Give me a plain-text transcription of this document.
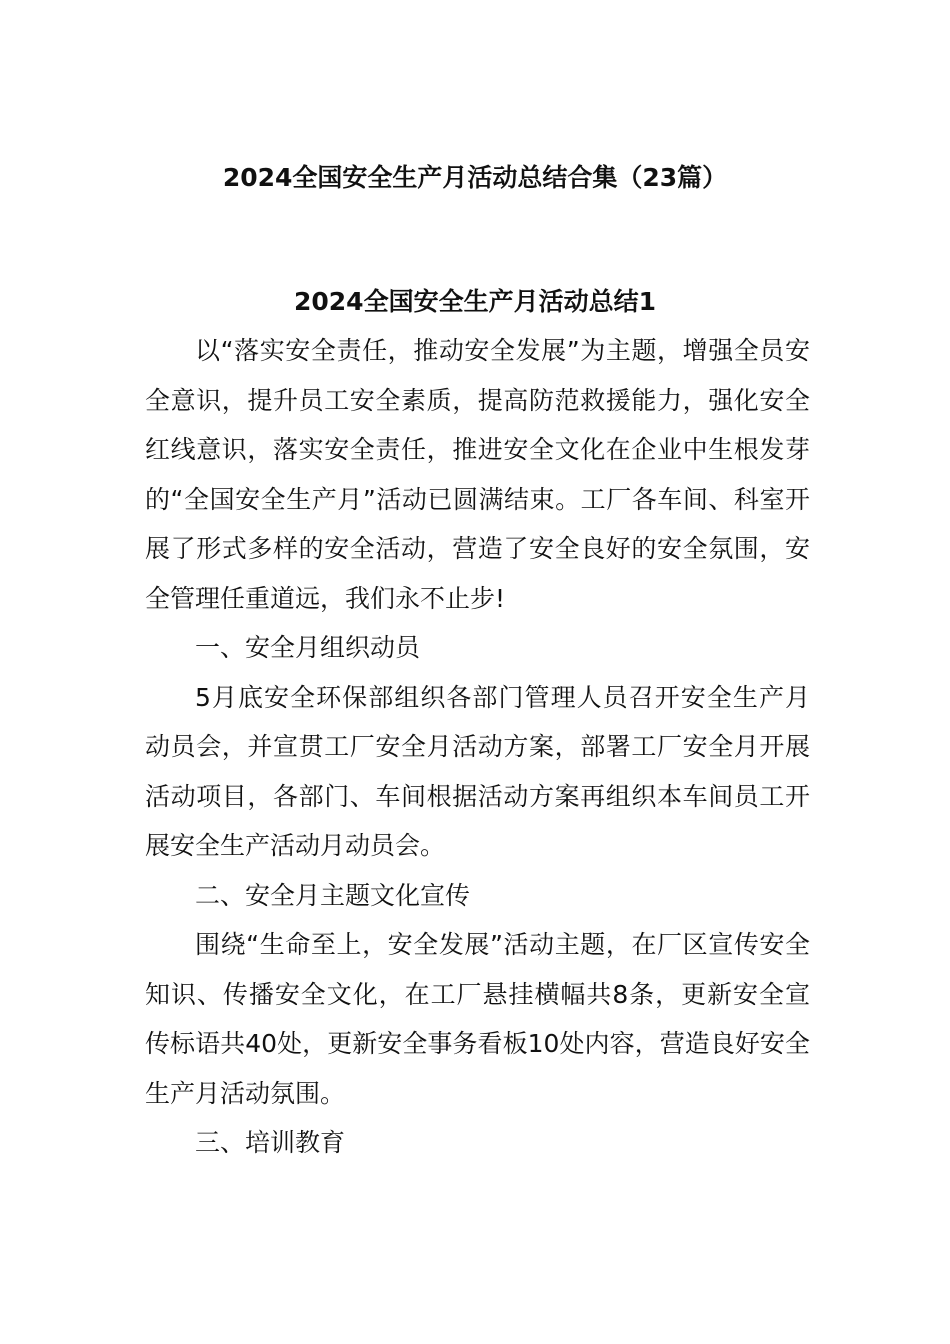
2024全国安全生产月活动总结合集（23篇）
2024全国安全生产月活动总结1

以“落实安全责任，推动安全发展”为主题，增强全员安全意识，提升员工安全素质，提高防范救援能力，强化安全红线意识，落实安全责任，推进安全文化在企业中生根发芽的“全国安全生产月”活动已圆满结束。工厂各车间、科室开展了形式多样的安全活动，营造了安全良好的安全氛围，安全管理任重道远，我们永不止步!

一、安全月组织动员

5月底安全环保部组织各部门管理人员召开安全生产月动员会，并宣贯工厂安全月活动方案，部署工厂安全月开展活动项目，各部门、车间根据活动方案再组织本车间员工开展安全生产活动月动员会。

二、安全月主题文化宣传

围绕“生命至上，安全发展”活动主题，在厂区宣传安全知识、传播安全文化，在工厂悬挂横幅共8条，更新安全宣传标语共40处，更新安全事务看板10处内容，营造良好安全生产月活动氛围。

三、培训教育
